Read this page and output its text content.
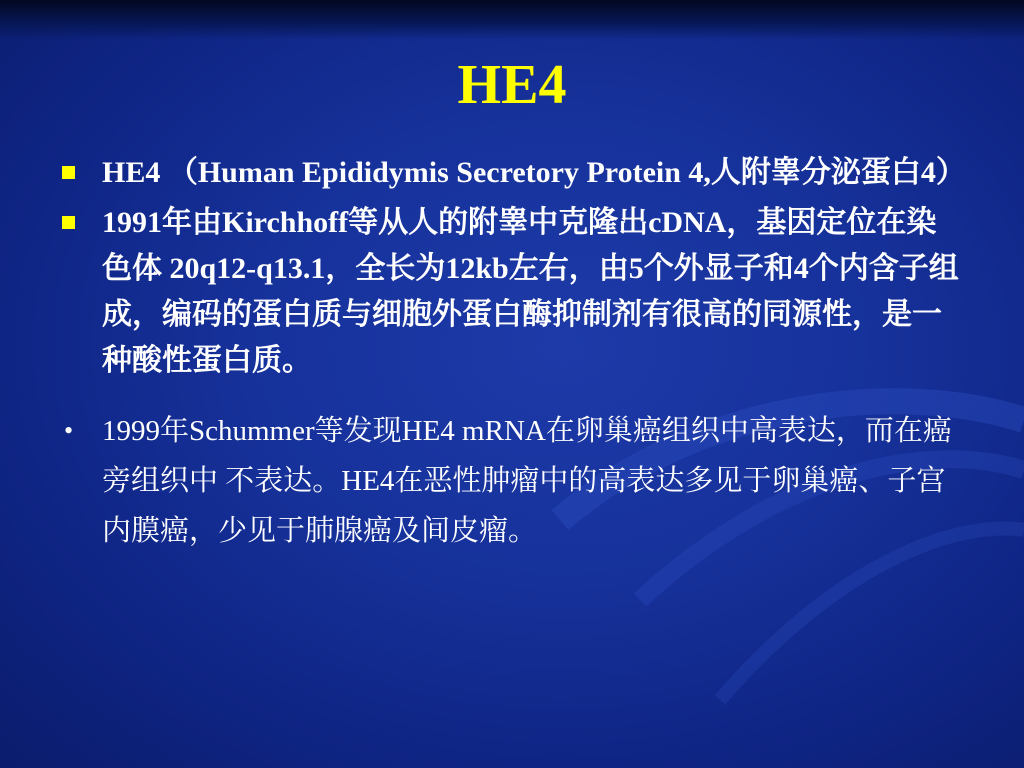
HE4
HE4 （Human Epididymis Secretory Protein 4,人附睾分泌蛋白4）
1991年由Kirchhoff等从人的附睾中克隆出cDNA，基因定位在染色体 20q12-q13.1，全长为12kb左右，由5个外显子和4个内含子组成，编码的蛋白质与细胞外蛋白酶抑制剂有很高的同源性，是一种酸性蛋白质。
• 1999年Schummer等发现HE4 mRNA在卵巢癌组织中高表达，而在癌旁组织中 不表达。HE4在恶性肿瘤中的高表达多见于卵巢癌、子宫内膜癌，少见于肺腺癌及间皮瘤。
